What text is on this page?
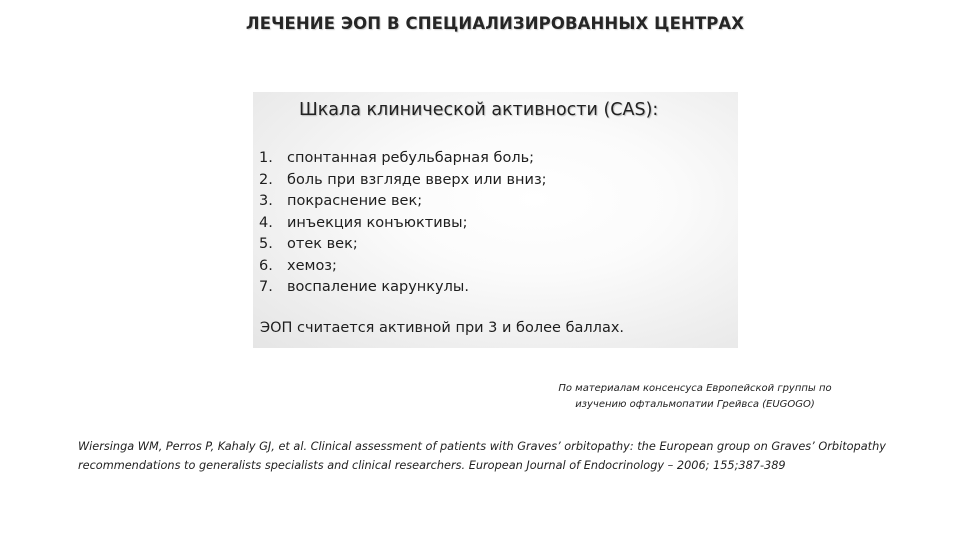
ЛЕЧЕНИЕ ЭОП В СПЕЦИАЛИЗИРОВАННЫХ ЦЕНТРАХ
Шкала клинической активности (CAS):
1. спонтанная ребульбарная боль;
2. боль при взгляде вверх или вниз;
3. покраснение век;
4. инъекция конъюктивы;
5. отек век;
6. хемоз;
7. воспаление карункулы.
ЭОП считается активной при 3 и более баллах.
По материалам консенсуса Европейской группы по
изучению офтальмопатии Грейвса (EUGOGO)
Wiersinga WM, Perros P, Kahaly GJ, et al. Clinical assessment of patients with Graves’ orbitopathy: the European group on Graves’ Orbitopathy recommendations to generalists specialists and clinical researchers. European Journal of Endocrinology – 2006; 155;387-389
